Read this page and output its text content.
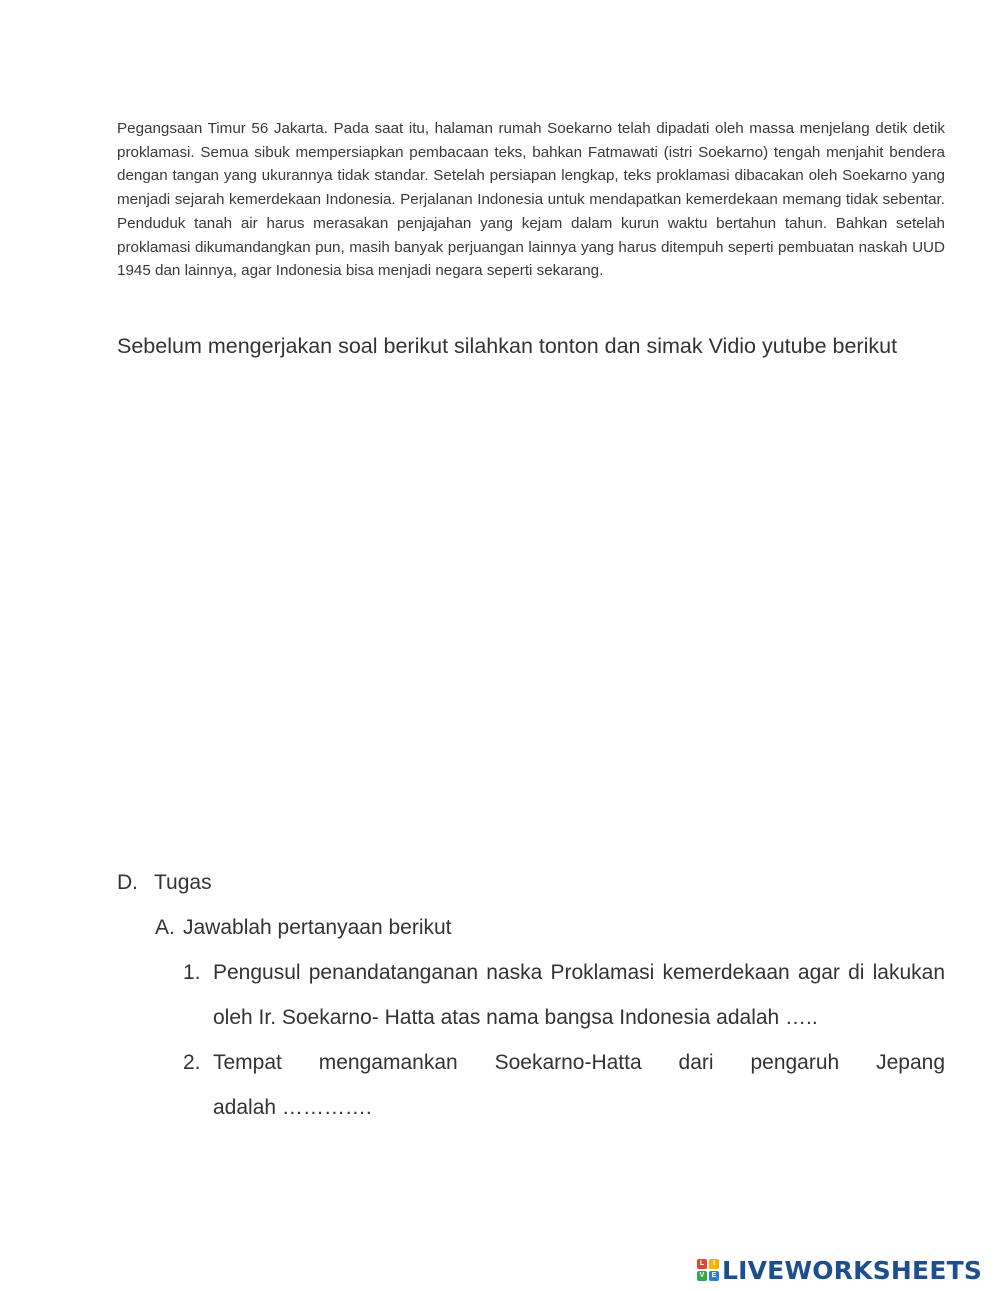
Pegangsaan Timur 56 Jakarta. Pada saat itu, halaman rumah Soekarno telah dipadati oleh massa menjelang detik detik proklamasi. Semua sibuk mempersiapkan pembacaan teks, bahkan Fatmawati (istri Soekarno) tengah menjahit bendera dengan tangan yang ukurannya tidak standar. Setelah persiapan lengkap, teks proklamasi dibacakan oleh Soekarno yang menjadi sejarah kemerdekaan Indonesia. Perjalanan Indonesia untuk mendapatkan kemerdekaan memang tidak sebentar. Penduduk tanah air harus merasakan penjajahan yang kejam dalam kurun waktu bertahun tahun. Bahkan setelah proklamasi dikumandangkan pun, masih banyak perjuangan lainnya yang harus ditempuh seperti pembuatan naskah UUD 1945 dan lainnya, agar Indonesia bisa menjadi negara seperti sekarang.

Sebelum mengerjakan soal berikut silahkan tonton dan simak Vidio yutube berikut

D. Tugas
A. Jawablah pertanyaan berikut
1. Pengusul penandatanganan naska Proklamasi kemerdekaan agar di lakukan oleh Ir. Soekarno- Hatta atas nama bangsa Indonesia adalah …..
2. Tempat mengamankan Soekarno-Hatta dari pengaruh Jepang
adalah ………….
L	I
V	E LIVEWORKSHEETS
